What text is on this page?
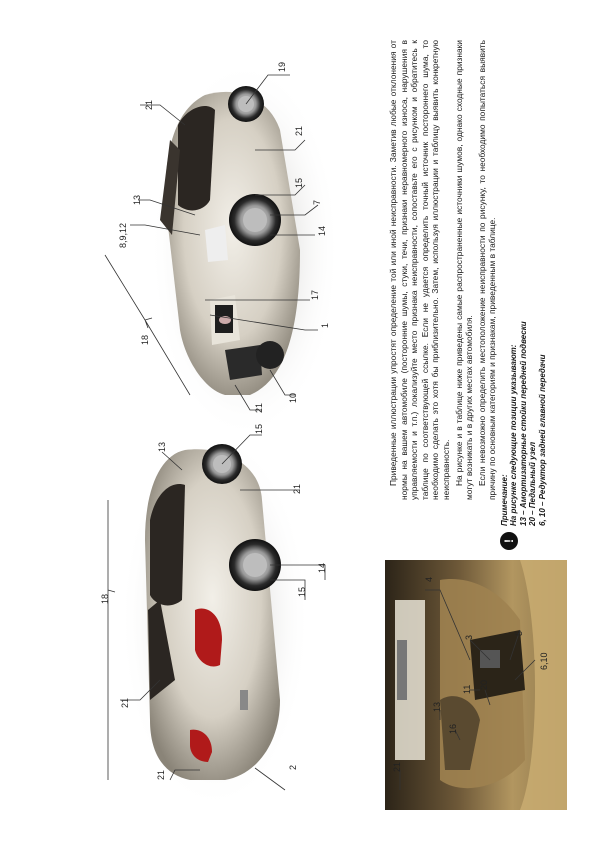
19
21
21
13
8,9,12
15
7
14
17
1
18
21
10
15
13
21
14
15
18
21
21
2
4
3
5
6,10
11 20
13
16
21

Приведенные иллюстрации упростят определение той или иной неисправности. Заметив любые отклонения от нормы на вашем автомобиле (посторонние шумы, стуки, течи, признаки неравномерного износа, нарушения в управляемости и т.п.) локализуйте место признака неисправности, сопоставьте его с рисунком и обратитесь к таблице по соответствующей ссылке. Если не удается определить точный источник постороннего шума, то необходимо сделать это хотя бы приблизительно. Затем, используя иллюстрации и таблицу выявить конкретную неисправность. На рисунке и в таблице ниже приведены самые распространенные источники шумов, однако сходные признаки могут возникать и в других местах автомобиля. Если невозможно определить местоположение неисправности по рисунку, то необходимо попытаться выявить причину по основным категориям и признакам, приведенным в таблице.

!
Примечание: На рисунке следующие позиции указывают: 13 – Амортизаторные стойки передней подвески 20 – Педальный узел 6, 10 – Редуктор задней главной передачи
